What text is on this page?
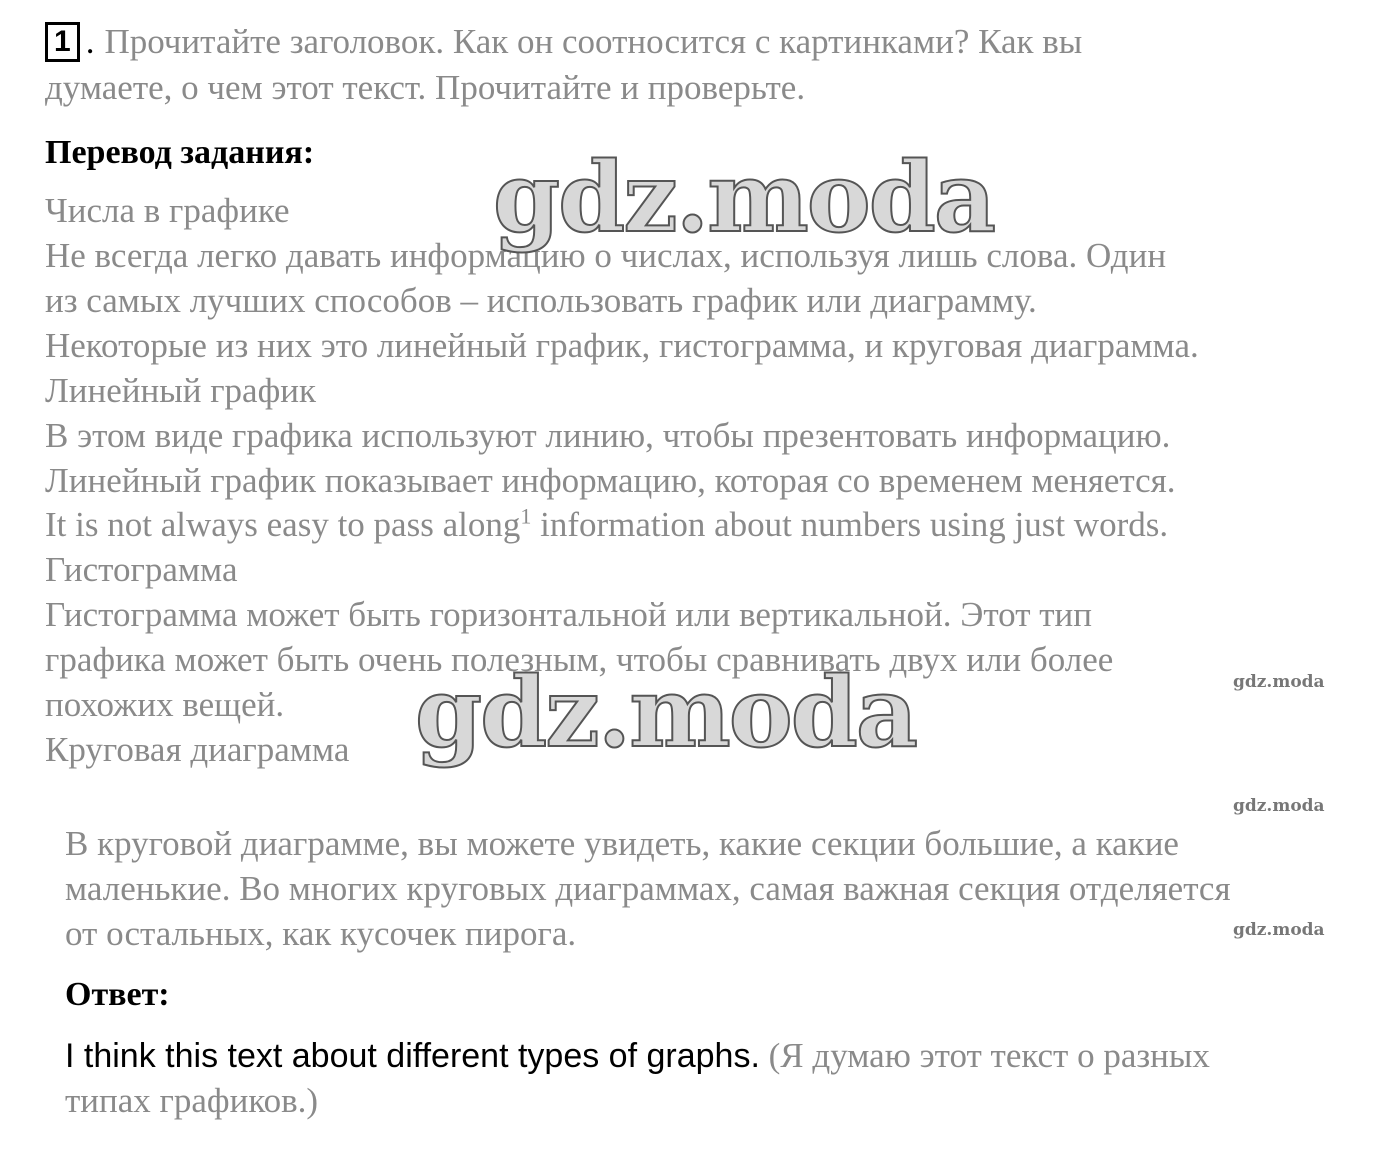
1 . Прочитайте заголовок. Как он соотносится с картинками? Как вы
думаете, о чем этот текст. Прочитайте и проверьте.
Перевод задания:
Числа в графике
Не всегда легко давать информацию о числах, используя лишь слова. Один
из самых лучших способов – использовать график или диаграмму.
Некоторые из них это линейный график, гистограмма, и круговая диаграмма.
Линейный график
В этом виде графика используют линию, чтобы презентовать информацию.
Линейный график показывает информацию, которая со временем меняется.
It is not always easy to pass along$^1$ information about numbers using just words.
Гистограмма
Гистограмма может быть горизонтальной или вертикальной. Этот тип
графика может быть очень полезным, чтобы сравнивать двух или более
похожих вещей.
Круговая диаграмма
В круговой диаграмме, вы можете увидеть, какие секции большие, а какие
маленькие. Во многих круговых диаграммах, самая важная секция отделяется
от остальных, как кусочек пирога.
Ответ:
I think this text about different types of graphs. (Я думаю этот текст о разных
типах графиков.)
gdz.moda
gdz.moda	gdz.moda
gdz.moda
gdz.moda
